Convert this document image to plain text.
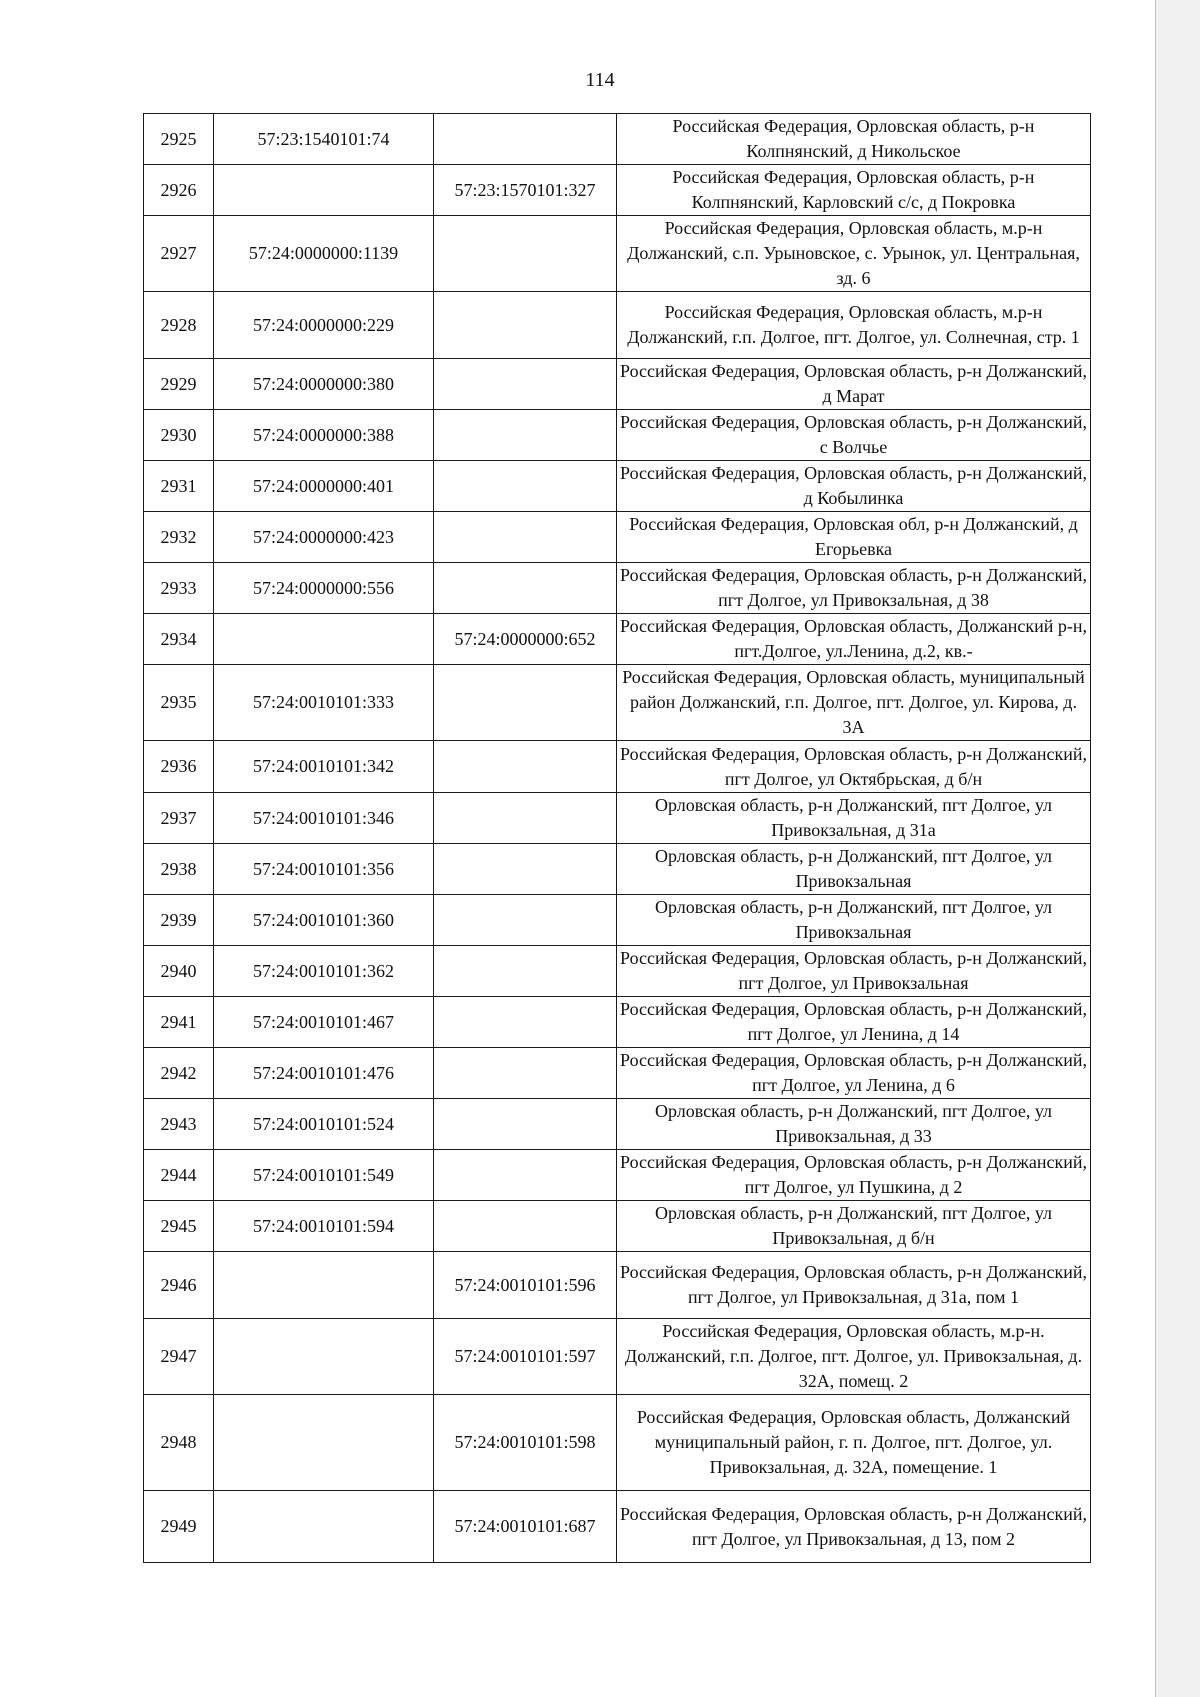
114
2925	57:23:1540101:74		Российская Федерация, Орловская область, р-н Колпнянский, д Никольское
2926		57:23:1570101:327	Российская Федерация, Орловская область, р-н Колпнянский, Карловский с/с, д Покровка
2927	57:24:0000000:1139		Российская Федерация, Орловская область, м.р-н Должанский, с.п. Урыновское, с. Урынок, ул. Центральная, зд. 6
2928	57:24:0000000:229		Российская Федерация, Орловская область, м.р-н Должанский, г.п. Долгое, пгт. Долгое, ул. Солнечная, стр. 1
2929	57:24:0000000:380		Российская Федерация, Орловская область, р-н Должанский, д Марат
2930	57:24:0000000:388		Российская Федерация, Орловская область, р-н Должанский, с Волчье
2931	57:24:0000000:401		Российская Федерация, Орловская область, р-н Должанский, д Кобылинка
2932	57:24:0000000:423		Российская Федерация, Орловская обл, р-н Должанский, д Егорьевка
2933	57:24:0000000:556		Российская Федерация, Орловская область, р-н Должанский, пгт Долгое, ул Привокзальная, д 38
2934		57:24:0000000:652	Российская Федерация, Орловская область, Должанский р-н, пгт.Долгое, ул.Ленина, д.2, кв.-
2935	57:24:0010101:333		Российская Федерация, Орловская область, муниципальный район Должанский, г.п. Долгое, пгт. Долгое, ул. Кирова, д. 3А
2936	57:24:0010101:342		Российская Федерация, Орловская область, р-н Должанский, пгт Долгое, ул Октябрьская, д б/н
2937	57:24:0010101:346		Орловская область, р-н Должанский, пгт Долгое, ул Привокзальная, д 31а
2938	57:24:0010101:356		Орловская область, р-н Должанский, пгт Долгое, ул Привокзальная
2939	57:24:0010101:360		Орловская область, р-н Должанский, пгт Долгое, ул Привокзальная
2940	57:24:0010101:362		Российская Федерация, Орловская область, р-н Должанский, пгт Долгое, ул Привокзальная
2941	57:24:0010101:467		Российская Федерация, Орловская область, р-н Должанский, пгт Долгое, ул Ленина, д 14
2942	57:24:0010101:476		Российская Федерация, Орловская область, р-н Должанский, пгт Долгое, ул Ленина, д 6
2943	57:24:0010101:524		Орловская область, р-н Должанский, пгт Долгое, ул Привокзальная, д 33
2944	57:24:0010101:549		Российская Федерация, Орловская область, р-н Должанский, пгт Долгое, ул Пушкина, д 2
2945	57:24:0010101:594		Орловская область, р-н Должанский, пгт Долгое, ул Привокзальная, д б/н
2946		57:24:0010101:596	Российская Федерация, Орловская область, р-н Должанский, пгт Долгое, ул Привокзальная, д 31а, пом 1
2947		57:24:0010101:597	Российская Федерация, Орловская область, м.р-н. Должанский, г.п. Долгое, пгт. Долгое, ул. Привокзальная, д. 32А, помещ. 2
2948		57:24:0010101:598	Российская Федерация, Орловская область, Должанский муниципальный район, г. п. Долгое, пгт. Долгое, ул. Привокзальная, д. 32А, помещение. 1
2949		57:24:0010101:687	Российская Федерация, Орловская область, р-н Должанский, пгт Долгое, ул Привокзальная, д 13, пом 2
